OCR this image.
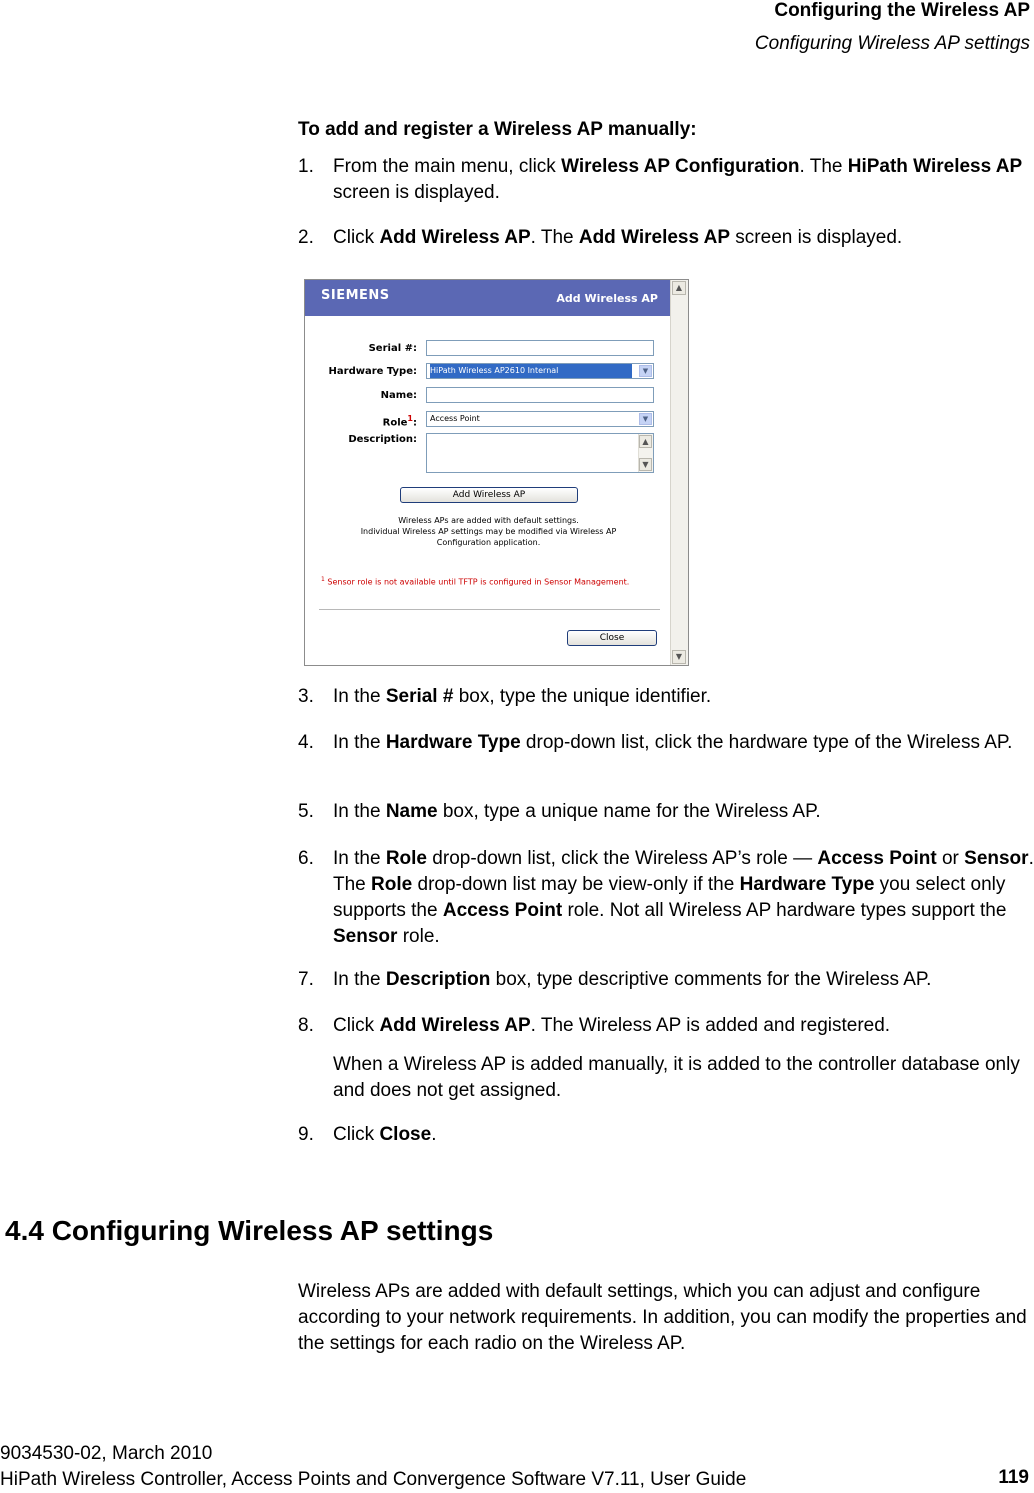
Configuring the Wireless AP
Configuring Wireless AP settings
To add and register a Wireless AP manually:
1. From the main menu, click Wireless AP Configuration. The HiPath Wireless AP screen is displayed.
2. Click Add Wireless AP. The Add Wireless AP screen is displayed.
SIEMENS	Add Wireless AP
▲
▼
Serial #:
Hardware Type:	HiPath Wireless AP2610 Internal	▼
Name:
Role$^1$:	Access Point	▼
Description:	▲
▼
Add Wireless AP
Wireless APs are added with default settings.
Individual Wireless AP settings may be modified via Wireless AP
Configuration application.
$^1$ Sensor role is not available until TFTP is configured in Sensor Management.
Close
3. In the Serial # box, type the unique identifier.
4. In the Hardware Type drop-down list, click the hardware type of the Wireless AP.
5. In the Name box, type a unique name for the Wireless AP.
6. In the Role drop-down list, click the Wireless AP’s role — Access Point or Sensor. The Role drop-down list may be view-only if the Hardware Type you select only supports the Access Point role. Not all Wireless AP hardware types support the Sensor role.
7. In the Description box, type descriptive comments for the Wireless AP.
8. Click Add Wireless AP. The Wireless AP is added and registered.
When a Wireless AP is added manually, it is added to the controller database only and does not get assigned.
9. Click Close.
4.4 Configuring Wireless AP settings
Wireless APs are added with default settings, which you can adjust and configure according to your network requirements. In addition, you can modify the properties and the settings for each radio on the Wireless AP.
9034530-02, March 2010
HiPath Wireless Controller, Access Points and Convergence Software V7.11, User Guide	119
